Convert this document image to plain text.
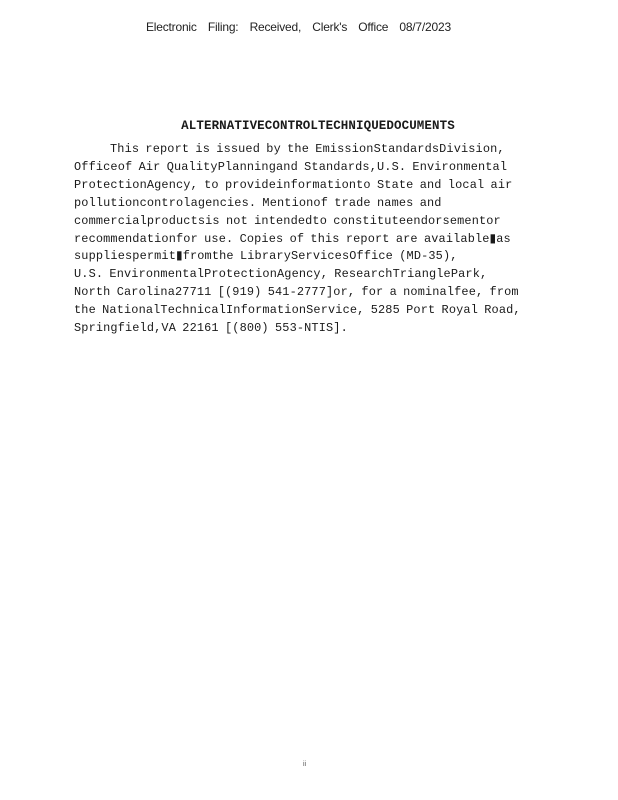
Electronic Filing: Received, Clerk's Office 08/7/2023
ALTERNATIVECONTROLTECHNIQUEDOCUMENTS
This report is issued by the EmissionStandardsDivision,
Officeof Air QualityPlanningand Standards,U.S. Environmental
ProtectionAgency, to provideinformationto State and local air
pollutioncontrolagencies. Mentionof trade names and
commercialproductsis not intendedto constituteendorsementor
recommendationfor use. Copies of this report are available▮as
suppliespermit▮fromthe LibraryServicesOffice (MD-35),
U.S. EnvironmentalProtectionAgency, ResearchTrianglePark,
North Carolina27711 [(919) 541-2777]or, for a nominalfee, from
the NationalTechnicalInformationService, 5285 Port Royal Road,
Springfield,VA 22161 [(800) 553-NTIS].
ii
